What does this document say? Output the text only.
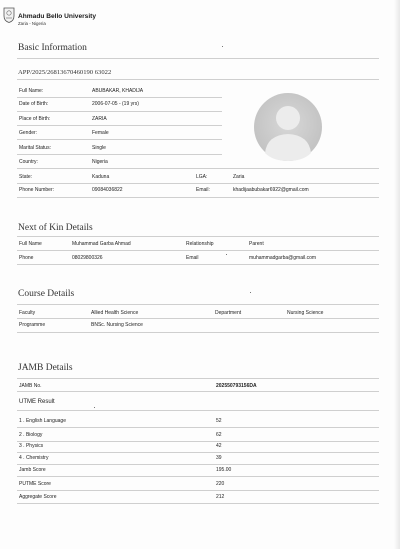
Ahmadu Bello University
Zaria - Nigeria
Basic Information
APP/2025/26813670460190 63022
Full Name:	ABUBAKAR, KHADIJA
Date of Birth:	2006-07-05 - (19 yrs)
Place of Birth:	ZARIA
Gender:	Female
Marital Status:	Single
Country:	Nigeria
State:	Kaduna	LGA:	Zaria
Phone Number:	09084036822	Email:	khadijaabubakar6922@gmail.com
Next of Kin Details
Full Name	Muhammad Garba Ahmad	Relationship	Parent
Phone	08029800326	Email	muhammadgarba@gmail.com
Course Details
Faculty	Allied Health Science	Department	Nursing Science
Programme	BNSc. Nursing Science
JAMB Details
JAMB No.	202550793156DA
UTME Result
1 . English Language	52
2 . Biology	62
3 . Physics	42
4 . Chemistry	39
Jamb Score	195.00
PUTME Score	220
Aggregate Score	212
